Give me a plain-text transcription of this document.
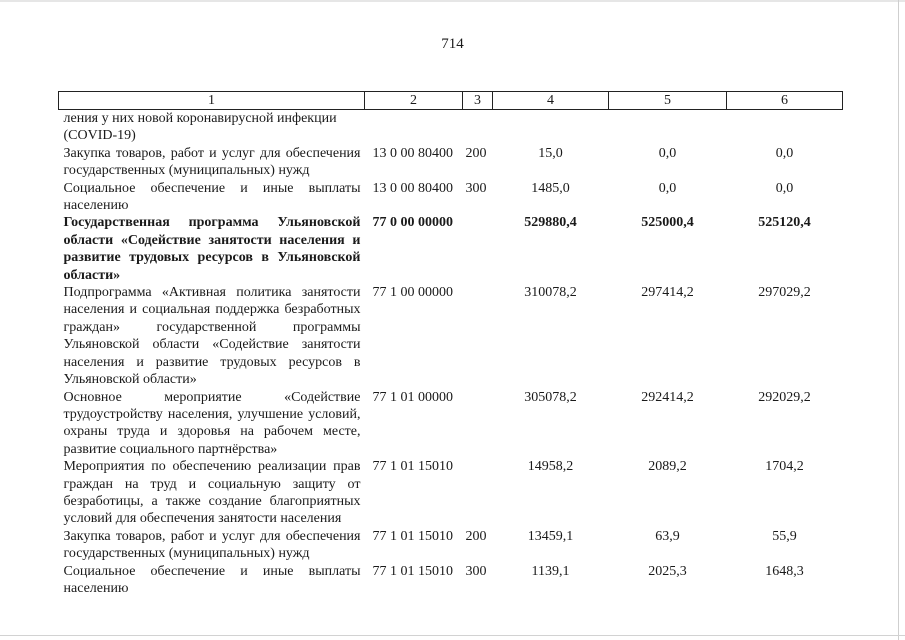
714
1	2	3	4	5	6
ления у них новой коронавирусной инфекции (COVID-19)					
Закупка товаров, работ и услуг для обеспечения государственных (муниципальных) нужд	13 0 00 80400	200	15,0	0,0	0,0
Социальное обеспечение и иные выплаты населению	13 0 00 80400	300	1485,0	0,0	0,0
Государственная программа Ульяновской области «Содействие занятости населения и развитие трудовых ресурсов в Ульяновской области»	77 0 00 00000		529880,4	525000,4	525120,4
Подпрограмма «Активная политика занятости населения и социальная поддержка безработных граждан» государственной программы Ульяновской области «Содействие занятости населения и развитие трудовых ресурсов в Ульяновской области»	77 1 00 00000		310078,2	297414,2	297029,2
Основное мероприятие «Содействие трудоустройству населения, улучшение условий, охраны труда и здоровья на рабочем месте, развитие социального партнёрства»	77 1 01 00000		305078,2	292414,2	292029,2
Мероприятия по обеспечению реализации прав граждан на труд и социальную защиту от безработицы, а также создание благоприятных условий для обеспечения занятости населения	77 1 01 15010		14958,2	2089,2	1704,2
Закупка товаров, работ и услуг для обеспечения государственных (муниципальных) нужд	77 1 01 15010	200	13459,1	63,9	55,9
Социальное обеспечение и иные выплаты населению	77 1 01 15010	300	1139,1	2025,3	1648,3
